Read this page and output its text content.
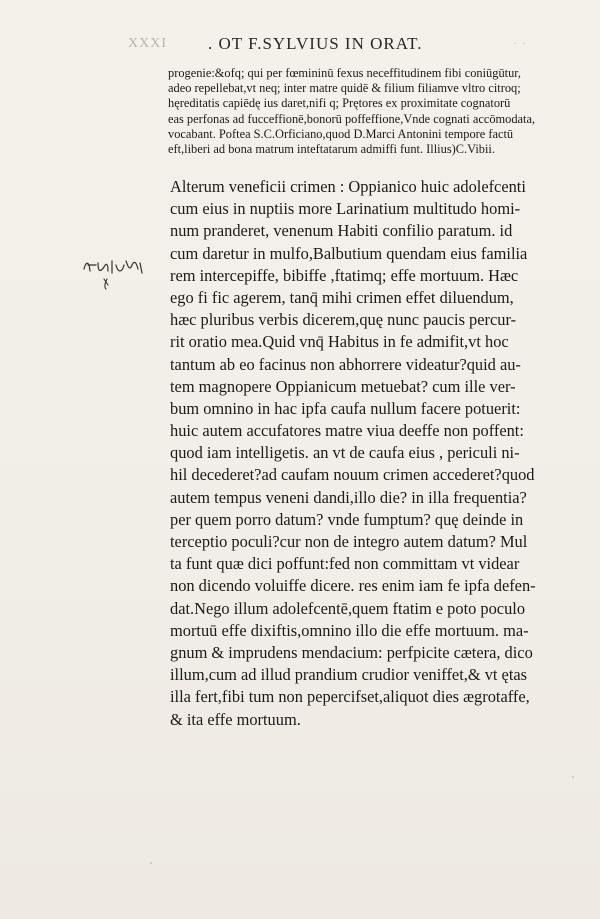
XXXI . OT F.SYLVIUS IN ORAT.	· ·
progenie:&ofq; qui per fœmininū fexus neceffitudinem fibi coniūgūtur,
adeo repellebat,vt neq; inter matre quidē & filium filiamve vltro citroq;
hęreditatis capiēdę ius daret,nifi q; Prętores ex proximitate cognatorū
eas perfonas ad fucceffionē,bonorū poffeffione,Vnde cognati accōmodata,
vocabant. Poftea S.C.Orficiano,quod D.Marci Antonini tempore factū
eft,liberi ad bona matrum inteftatarum admiffi funt. Illius)C.Vibii.
Alterum veneficii crimen : Oppianico huic adolefcenti
cum eius in nuptiis more Larinatium multitudo homi-
num pranderet, venenum Habiti confilio paratum. id
cum daretur in mulfo,Balbutium quendam eius familia
rem intercepiffe, bibiffe ,ftatimq; effe mortuum. Hæc
ego fi fic agerem, tanq̄ mihi crimen effet diluendum,
hæc pluribus verbis dicerem,quę nunc paucis percur-
rit oratio mea.Quid vnq̄ Habitus in fe admifit,vt hoc
tantum ab eo facinus non abhorrere videatur?quid au-
tem magnopere Oppianicum metuebat? cum ille ver-
bum omnino in hac ipfa caufa nullum facere potuerit:
huic autem accufatores matre viua deeffe non poffent:
quod iam intelligetis. an vt de caufa eius , periculi ni-
hil decederet?ad caufam nouum crimen accederet?quod
autem tempus veneni dandi,illo die? in illa frequentia?
per quem porro datum? vnde fumptum? quę deinde in
terceptio poculi?cur non de integro autem datum? Mul
ta funt quæ dici poffunt:fed non committam vt videar
non dicendo voluiffe dicere. res enim iam fe ipfa defen-
dat.Nego illum adolefcentē,quem ftatim e poto poculo
mortuū effe dixiftis,omnino illo die effe mortuum. ma-
gnum & imprudens mendacium: perfpicite cætera, dico
illum,cum ad illud prandium crudior veniffet,& vt ętas
illa fert,fibi tum non pepercifset,aliquot dies ægrotaffe,
& ita effe mortuum.
